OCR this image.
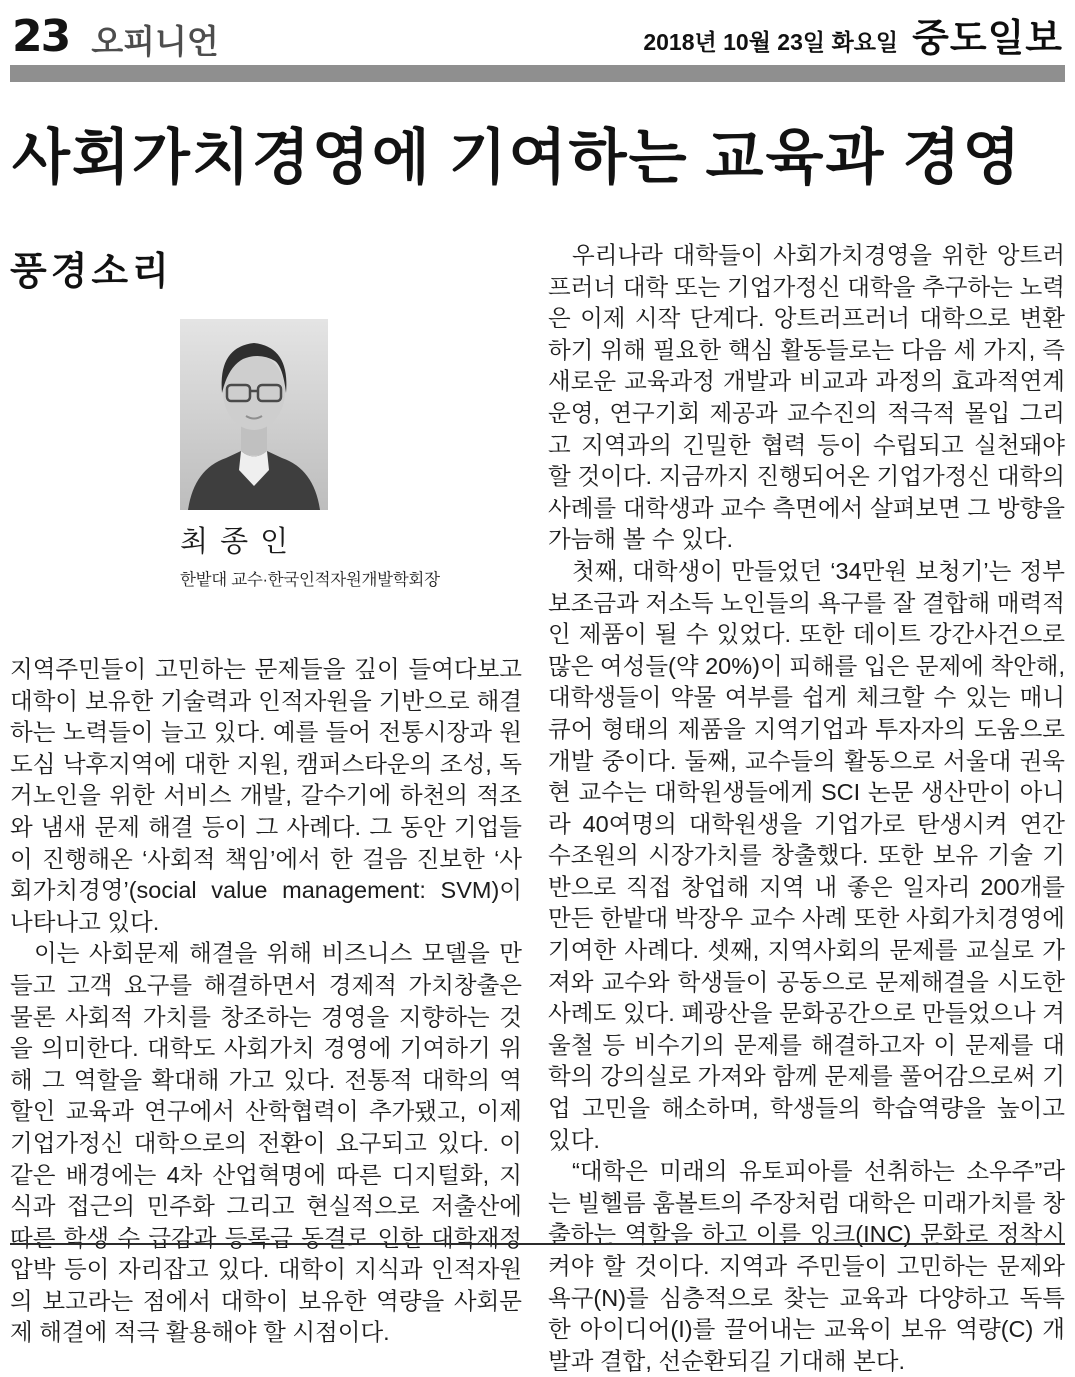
23 오피니언	2018년 10월 23일 화요일 중도일보
사회가치경영에 기여하는 교육과 경영
풍경소리
최 종 인
한밭대 교수·한국인적자원개발학회장

지역주민들이 고민하는 문제들을 깊이 들여다보고 대학이 보유한 기술력과 인적자원을 기반으로 해결하는 노력들이 늘고 있다. 예를 들어 전통시장과 원도심 낙후지역에 대한 지원, 캠퍼스타운의 조성, 독거노인을 위한 서비스 개발, 갈수기에 하천의 적조와 냄새 문제 해결 등이 그 사례다. 그 동안 기업들이 진행해온 ‘사회적 책임’에서 한 걸음 진보한 ‘사회가치경영’(social value management: SVM)이 나타나고 있다.

이는 사회문제 해결을 위해 비즈니스 모델을 만들고 고객 요구를 해결하면서 경제적 가치창출은 물론 사회적 가치를 창조하는 경영을 지향하는 것을 의미한다. 대학도 사회가치 경영에 기여하기 위해 그 역할을 확대해 가고 있다. 전통적 대학의 역할인 교육과 연구에서 산학협력이 추가됐고, 이제 기업가정신 대학으로의 전환이 요구되고 있다. 이같은 배경에는 4차 산업혁명에 따른 디지털화, 지식과 접근의 민주화 그리고 현실적으로 저출산에 따른 학생 수 급감과 등록금 동결로 인한 대학재정 압박 등이 자리잡고 있다. 대학이 지식과 인적자원의 보고라는 점에서 대학이 보유한 역량을 사회문제 해결에 적극 활용해야 할 시점이다.

우리나라 대학들이 사회가치경영을 위한 앙트러프러너 대학 또는 기업가정신 대학을 추구하는 노력은 이제 시작 단계다. 앙트러프러너 대학으로 변환하기 위해 필요한 핵심 활동들로는 다음 세 가지, 즉 새로운 교육과정 개발과 비교과 과정의 효과적연계 운영, 연구기회 제공과 교수진의 적극적 몰입 그리고 지역과의 긴밀한 협력 등이 수립되고 실천돼야 할 것이다. 지금까지 진행되어온 기업가정신 대학의 사례를 대학생과 교수 측면에서 살펴보면 그 방향을 가늠해 볼 수 있다.

첫째, 대학생이 만들었던 ‘34만원 보청기’는 정부 보조금과 저소득 노인들의 욕구를 잘 결합해 매력적인 제품이 될 수 있었다. 또한 데이트 강간사건으로 많은 여성들(약 20%)이 피해를 입은 문제에 착안해, 대학생들이 약물 여부를 쉽게 체크할 수 있는 매니큐어 형태의 제품을 지역기업과 투자자의 도움으로 개발 중이다. 둘째, 교수들의 활동으로 서울대 권욱현 교수는 대학원생들에게 SCI 논문 생산만이 아니라 40여명의 대학원생을 기업가로 탄생시켜 연간 수조원의 시장가치를 창출했다. 또한 보유 기술 기반으로 직접 창업해 지역 내 좋은 일자리 200개를 만든 한밭대 박장우 교수 사례 또한 사회가치경영에 기여한 사례다. 셋째, 지역사회의 문제를 교실로 가져와 교수와 학생들이 공동으로 문제해결을 시도한 사례도 있다. 폐광산을 문화공간으로 만들었으나 겨울철 등 비수기의 문제를 해결하고자 이 문제를 대학의 강의실로 가져와 함께 문제를 풀어감으로써 기업 고민을 해소하며, 학생들의 학습역량을 높이고 있다.

“대학은 미래의 유토피아를 선취하는 소우주”라는 빌헬름 훔볼트의 주장처럼 대학은 미래가치를 창출하는 역할을 하고 이를 잉크(INC) 문화로 정착시켜야 할 것이다. 지역과 주민들이 고민하는 문제와 욕구(N)를 심층적으로 찾는 교육과 다양하고 독특한 아이디어(I)를 끌어내는 교육이 보유 역량(C) 개발과 결합, 선순환되길 기대해 본다.
